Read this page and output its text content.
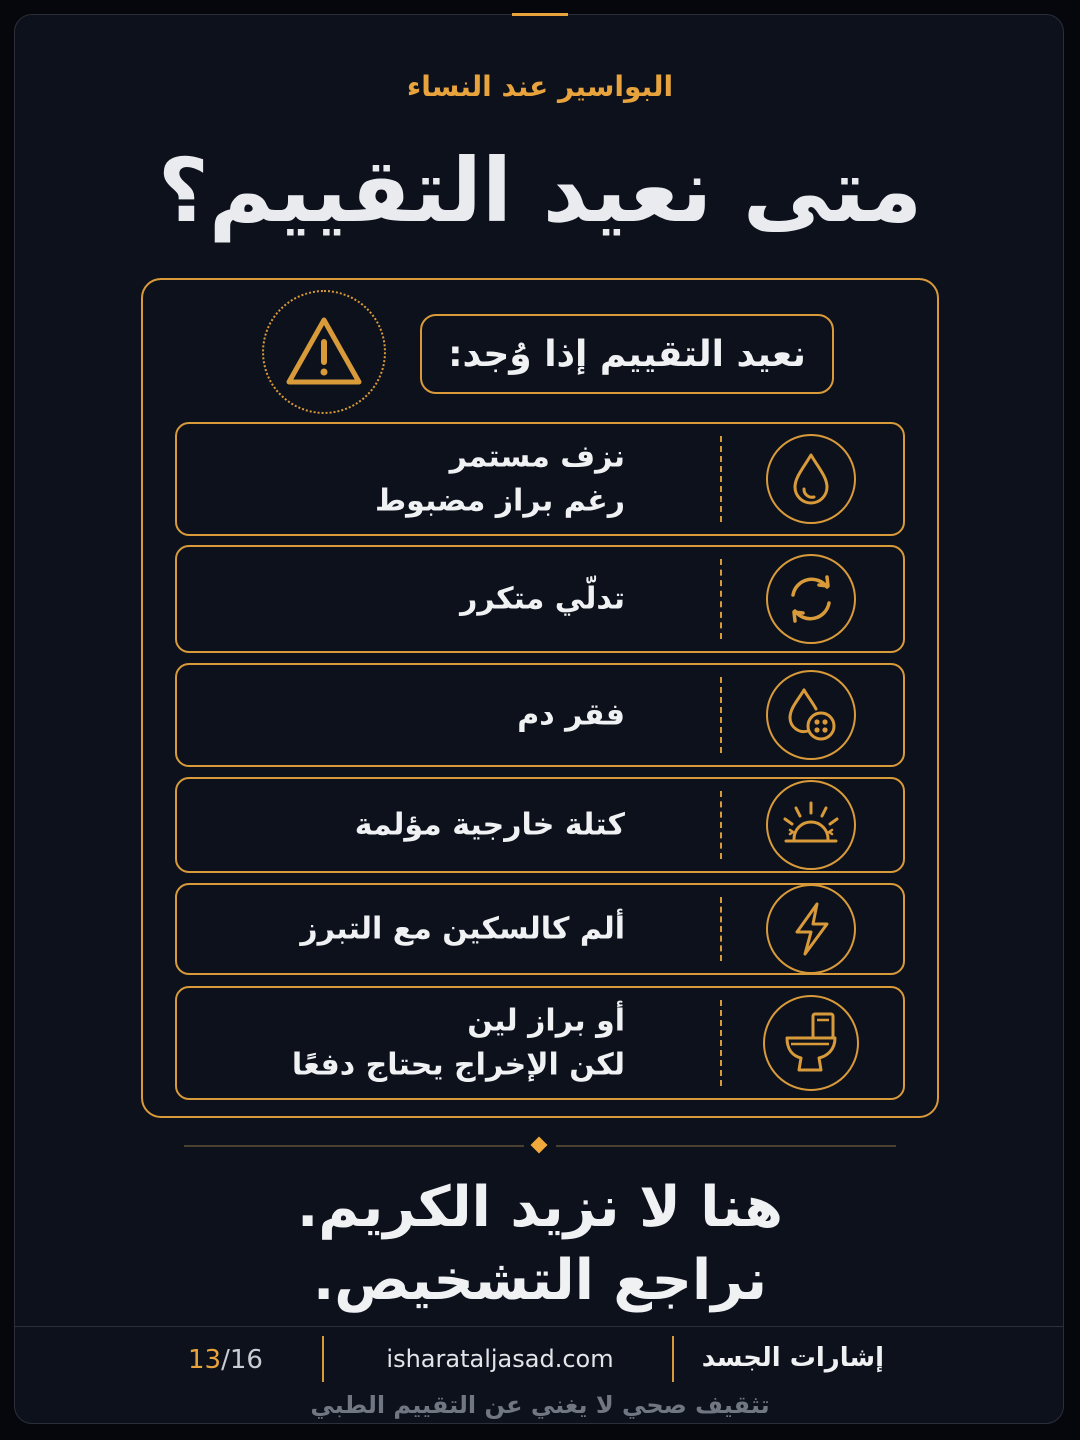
البواسير عند النساء
متى نعيد التقييم؟
نعيد التقييم إذا وُجد:
نزف مستمر
رغم براز مضبوط
تدلّي متكرر
فقر دم
كتلة خارجية مؤلمة
ألم كالسكين مع التبرز
أو براز لين
لكن الإخراج يحتاج دفعًا
هنا لا نزيد الكريم.
نراجع التشخيص.
إشارات الجسد
isharataljasad.com
13/16
تثقيف صحي لا يغني عن التقييم الطبي
